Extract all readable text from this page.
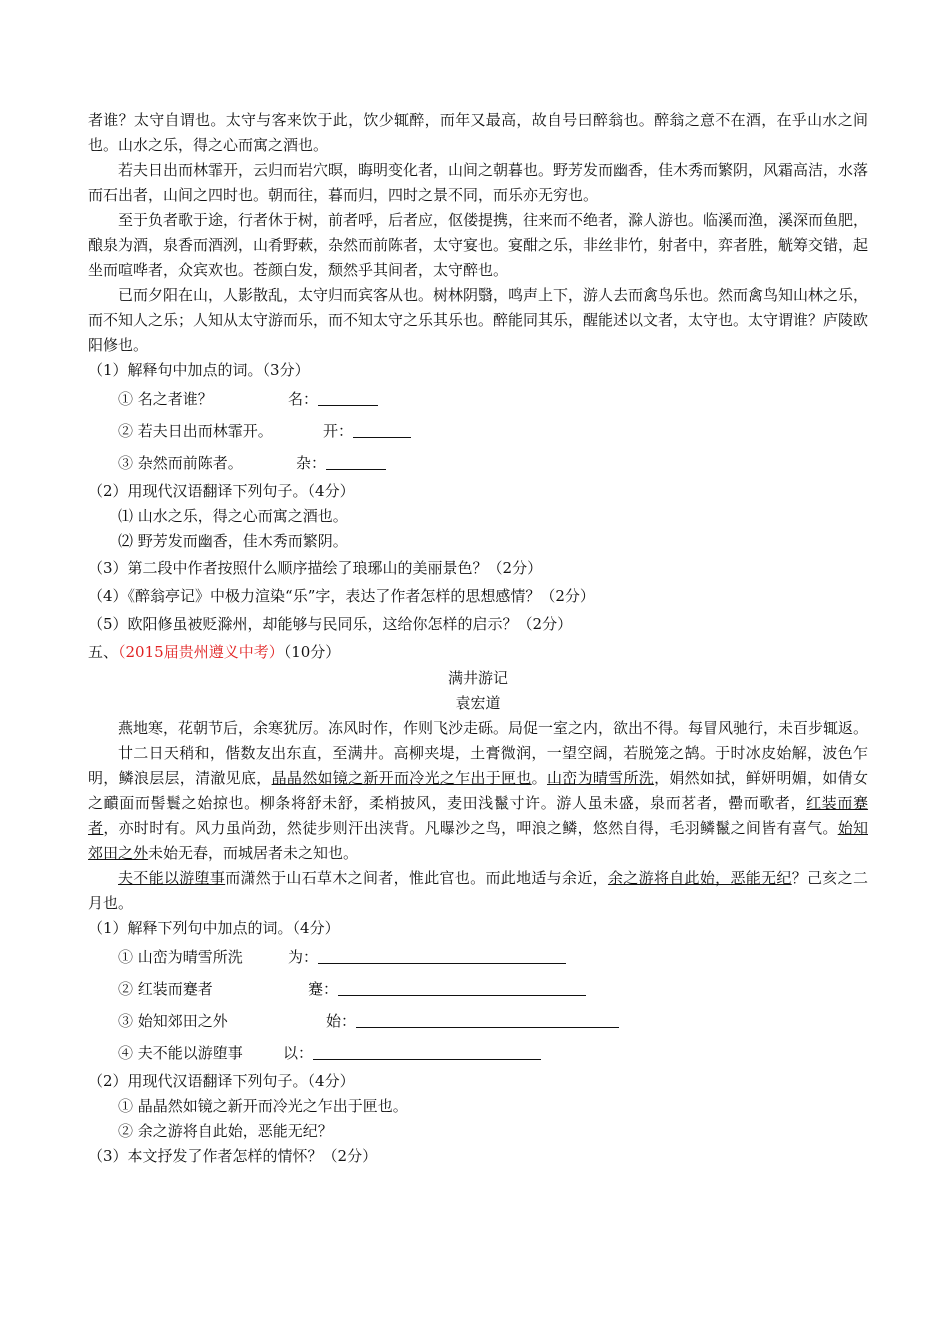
者谁？太守自谓也。太守与客来饮于此，饮少辄醉，而年又最高，故自号曰醉翁也。醉翁之意不在酒，在乎山水之间也。山水之乐，得之心而寓之酒也。

若夫日出而林霏开，云归而岩穴暝，晦明变化者，山间之朝暮也。野芳发而幽香，佳木秀而繁阴，风霜高洁，水落而石出者，山间之四时也。朝而往，暮而归，四时之景不同，而乐亦无穷也。

至于负者歌于途，行者休于树，前者呼，后者应，伛偻提携，往来而不绝者，滁人游也。临溪而渔，溪深而鱼肥，酿泉为酒，泉香而酒洌，山肴野蔌，杂然而前陈者，太守宴也。宴酣之乐，非丝非竹，射者中，弈者胜，觥筹交错，起坐而喧哗者，众宾欢也。苍颜白发，颓然乎其间者，太守醉也。

已而夕阳在山，人影散乱，太守归而宾客从也。树林阴翳，鸣声上下，游人去而禽鸟乐也。然而禽鸟知山林之乐，而不知人之乐；人知从太守游而乐，而不知太守之乐其乐也。醉能同其乐，醒能述以文者，太守也。太守谓谁？庐陵欧阳修也。

（1）解释句中加点的词。（3分）

① 名之者谁？	名：
② 若夫日出而林霏开。	开：
③ 杂然而前陈者。	杂：

（2）用现代汉语翻译下列句子。（4分）

⑴ 山水之乐，得之心而寓之酒也。

⑵ 野芳发而幽香，佳木秀而繁阴。

（3）第二段中作者按照什么顺序描绘了琅琊山的美丽景色？（2分）

（4）《醉翁亭记》中极力渲染“乐”字，表达了作者怎样的思想感情？（2分）

（5）欧阳修虽被贬滁州，却能够与民同乐，这给你怎样的启示？（2分）

五、（2015届贵州遵义中考）（10分）

满井游记

袁宏道

燕地寒，花朝节后，余寒犹厉。冻风时作，作则飞沙走砾。局促一室之内，欲出不得。每冒风驰行，未百步辄返。

廿二日天稍和，偕数友出东直，至满井。高柳夹堤，土膏微润，一望空阔，若脱笼之鹄。于时冰皮始解，波色乍明，鳞浪层层，清澈见底，晶晶然如镜之新开而冷光之乍出于匣也。山峦为晴雪所洗，娟然如拭，鲜妍明媚，如倩女之靧面而髻鬟之始掠也。柳条将舒未舒，柔梢披风，麦田浅鬣寸许。游人虽未盛，泉而茗者，罍而歌者，红装而蹇者，亦时时有。风力虽尚劲，然徒步则汗出浃背。凡曝沙之鸟，呷浪之鳞，悠然自得，毛羽鳞鬣之间皆有喜气。始知郊田之外未始无春，而城居者未之知也。

夫不能以游堕事而潇然于山石草木之间者，惟此官也。而此地适与余近，余之游将自此始，恶能无纪？己亥之二月也。

（1）解释下列句中加点的词。（4分）

① 山峦为晴雪所洗	为：
② 红装而蹇者	蹇：
③ 始知郊田之外	始：
④ 夫不能以游堕事	以：

（2）用现代汉语翻译下列句子。（4分）

① 晶晶然如镜之新开而冷光之乍出于匣也。

② 余之游将自此始，恶能无纪？

（3）本文抒发了作者怎样的情怀？（2分）
